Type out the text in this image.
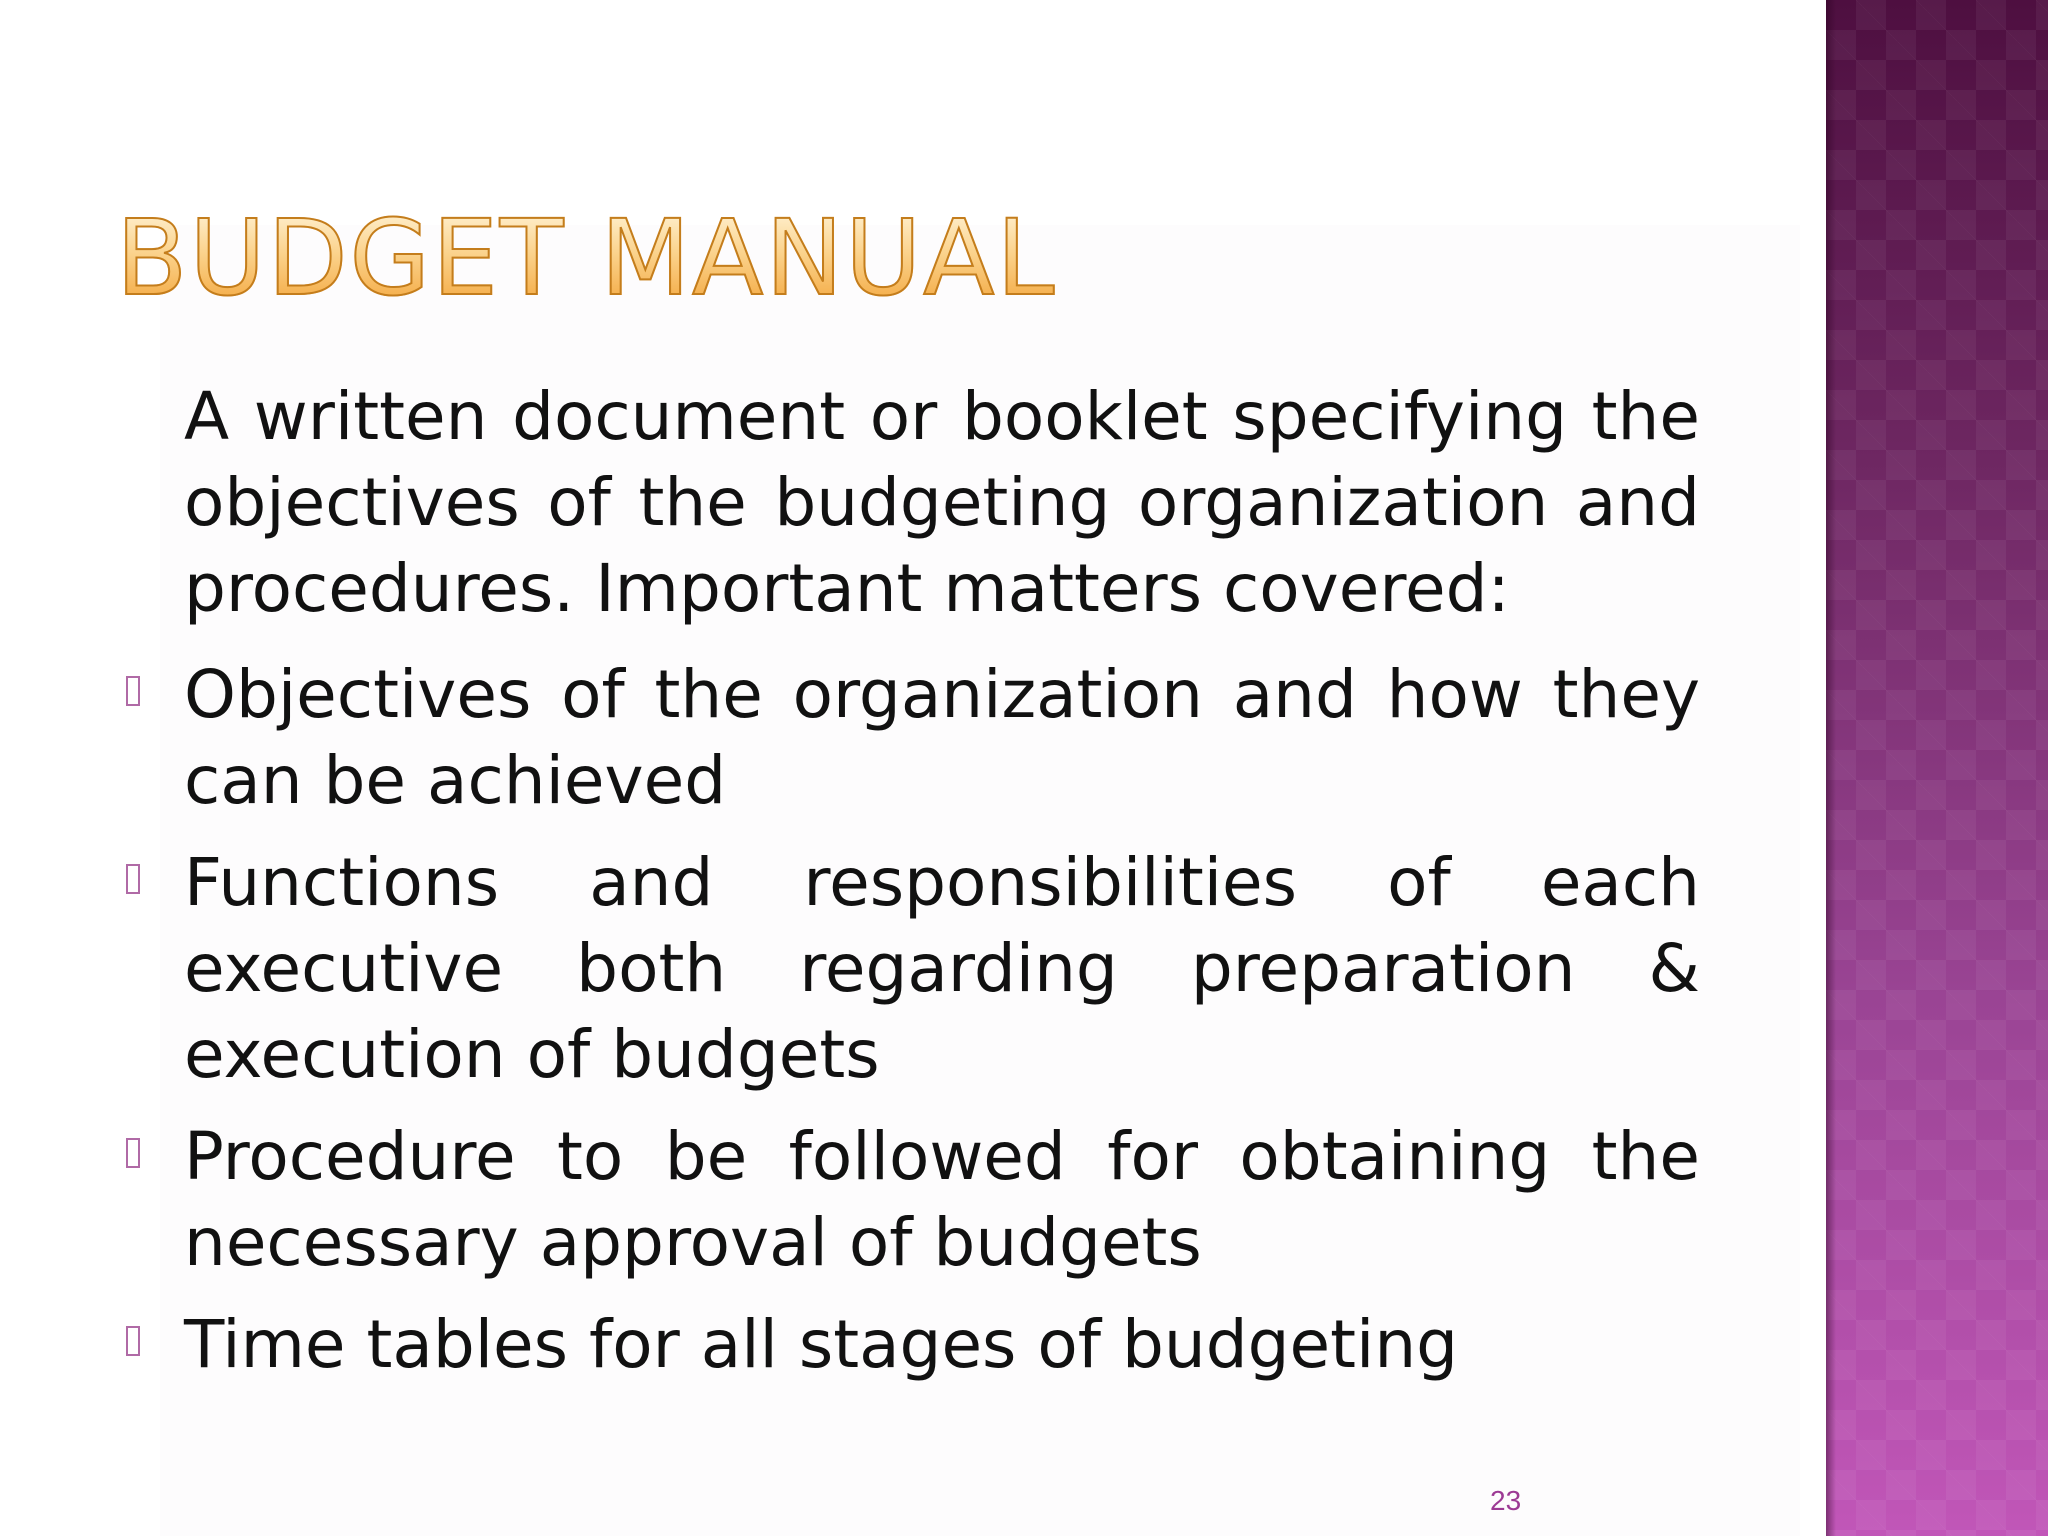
BUDGET MANUAL

A written document or booklet specifying the objectives of the budgeting organization and procedures. Important matters covered:

Objectives of the organization and how they can be achieved

Functions and responsibilities of each executive both regarding preparation & execution of budgets

Procedure to be followed for obtaining the necessary approval of budgets

Time tables for all stages of budgeting

23
